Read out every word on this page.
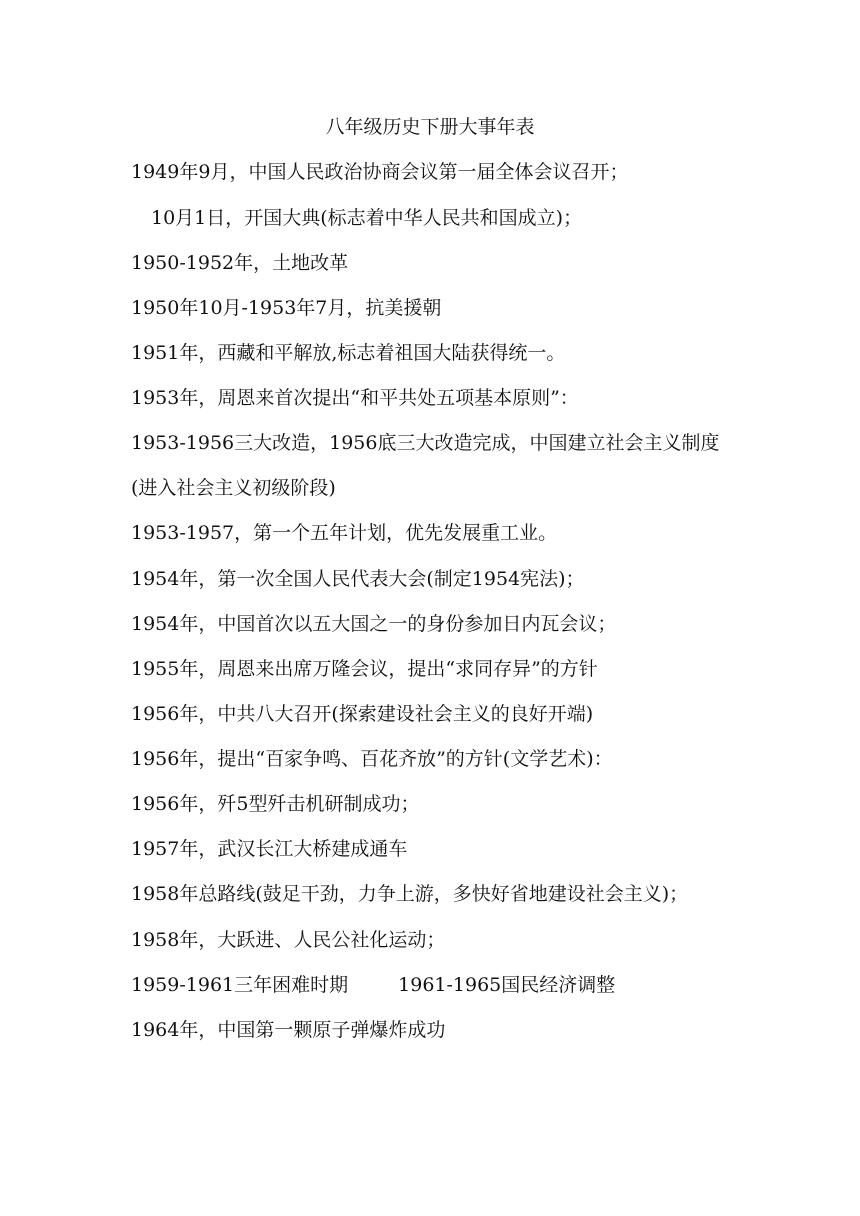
八年级历史下册大事年表
1949年9月，中国人民政治协商会议第一届全体会议召开；
10月1日，开国大典(标志着中华人民共和国成立)；
1950-1952年，土地改革
1950年10月-1953年7月，抗美援朝
1951年，西藏和平解放,标志着祖国大陆获得统一。
1953年，周恩来首次提出“和平共处五项基本原则”：
1953-1956三大改造，1956底三大改造完成，中国建立社会主义制度
(进入社会主义初级阶段)
1953-1957，第一个五年计划，优先发展重工业。
1954年，第一次全国人民代表大会(制定1954宪法)；
1954年，中国首次以五大国之一的身份参加日内瓦会议；
1955年，周恩来出席万隆会议，提出“求同存异”的方针
1956年，中共八大召开(探索建设社会主义的良好开端)
1956年，提出“百家争鸣、百花齐放”的方针(文学艺术)：
1956年，歼5型歼击机研制成功；
1957年，武汉长江大桥建成通车
1958年总路线(鼓足干劲，力争上游，多快好省地建设社会主义)；
1958年，大跃进、人民公社化运动；
1959-1961三年困难时期	1961-1965国民经济调整
1964年，中国第一颗原子弹爆炸成功
